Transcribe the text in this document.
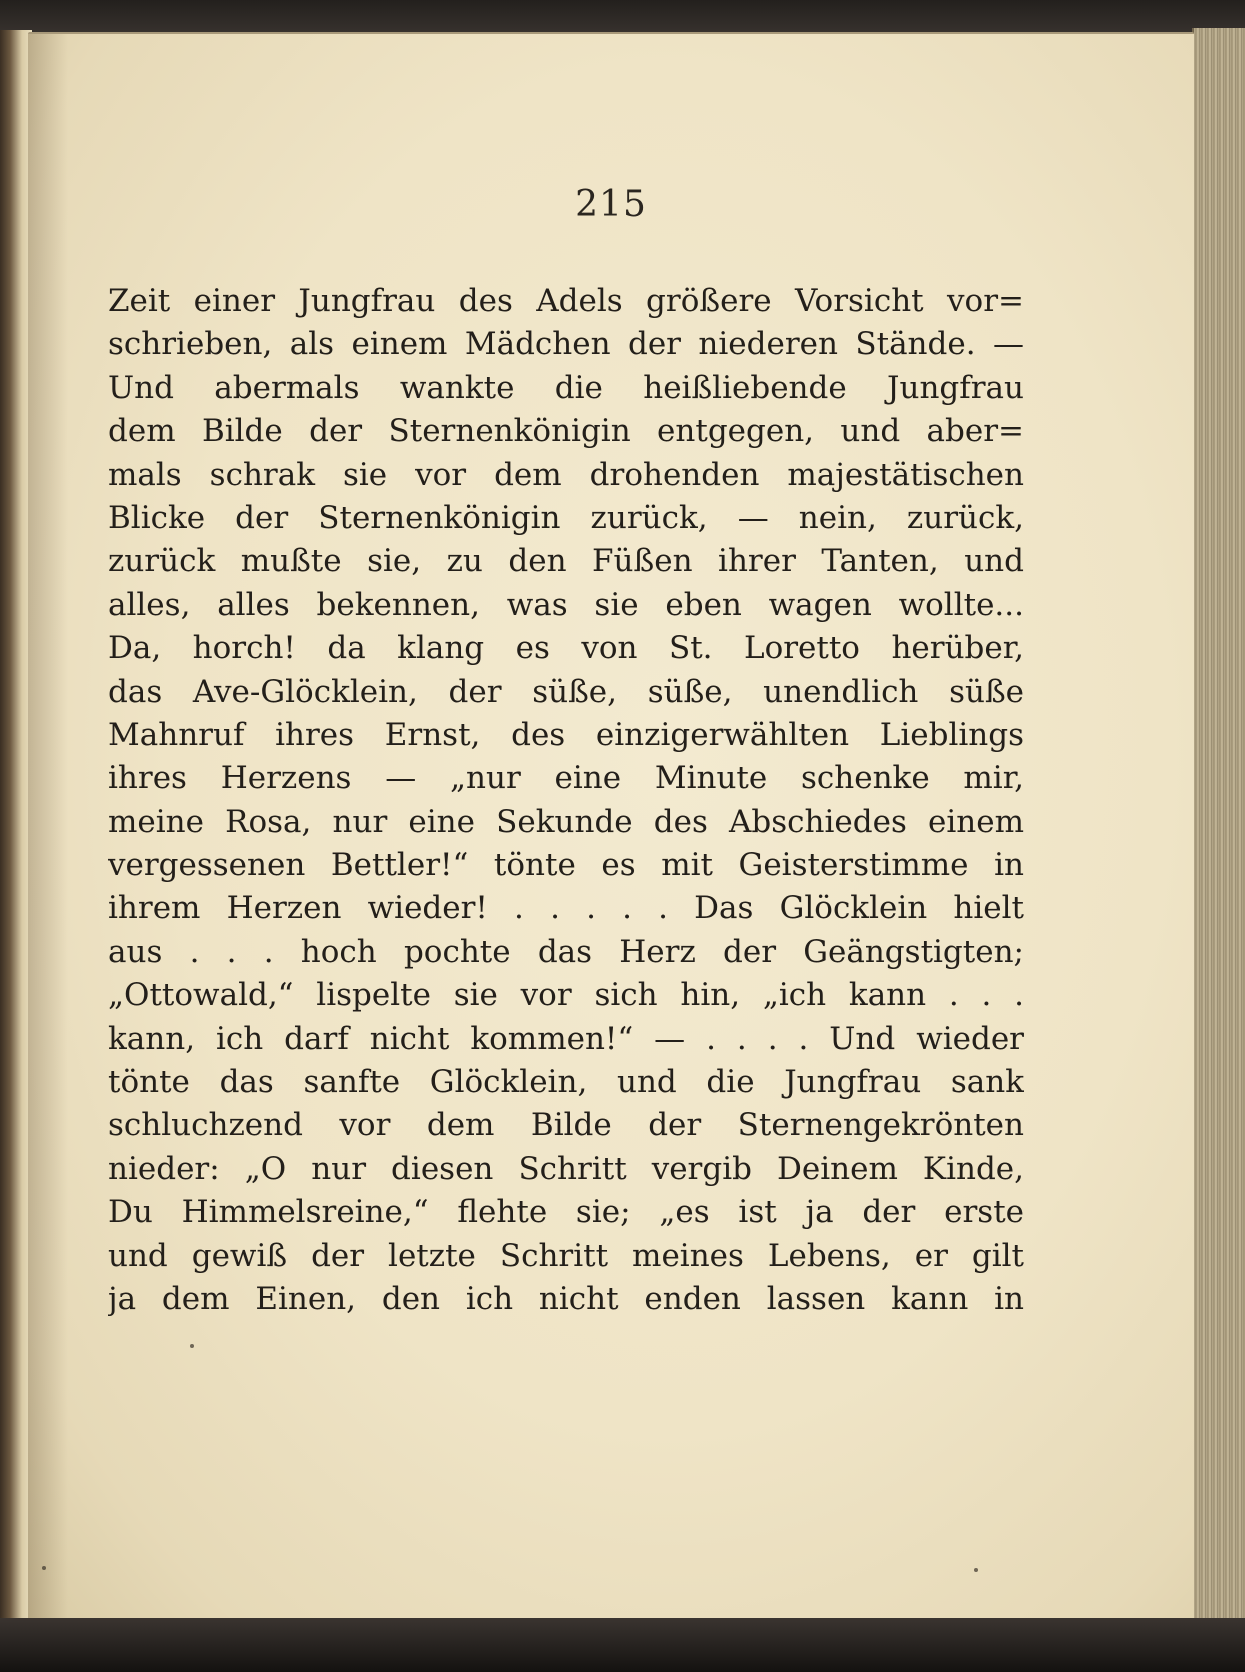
215
Zeit einer Jungfrau des Adels größere Vorsicht vor=
schrieben, als einem Mädchen der niederen Stände. —
Und abermals wankte die heißliebende Jungfrau
dem Bilde der Sternenkönigin entgegen, und aber=
mals schrak sie vor dem drohenden majestätischen
Blicke der Sternenkönigin zurück, — nein, zurück,
zurück mußte sie, zu den Füßen ihrer Tanten, und
alles, alles bekennen, was sie eben wagen wollte...
Da, horch! da klang es von St. Loretto herüber,
das Ave-Glöcklein, der süße, süße, unendlich süße
Mahnruf ihres Ernst, des einzigerwählten Lieblings
ihres Herzens — „nur eine Minute schenke mir,
meine Rosa, nur eine Sekunde des Abschiedes einem
vergessenen Bettler!“ tönte es mit Geisterstimme in
ihrem Herzen wieder! . . . . . Das Glöcklein hielt
aus . . . hoch pochte das Herz der Geängstigten;
„Ottowald,“ lispelte sie vor sich hin, „ich kann . . .
kann, ich darf nicht kommen!“ — . . . . Und wieder
tönte das sanfte Glöcklein, und die Jungfrau sank
schluchzend vor dem Bilde der Sternengekrönten
nieder: „O nur diesen Schritt vergib Deinem Kinde,
Du Himmelsreine,“ flehte sie; „es ist ja der erste
und gewiß der letzte Schritt meines Lebens, er gilt
ja dem Einen, den ich nicht enden lassen kann in
